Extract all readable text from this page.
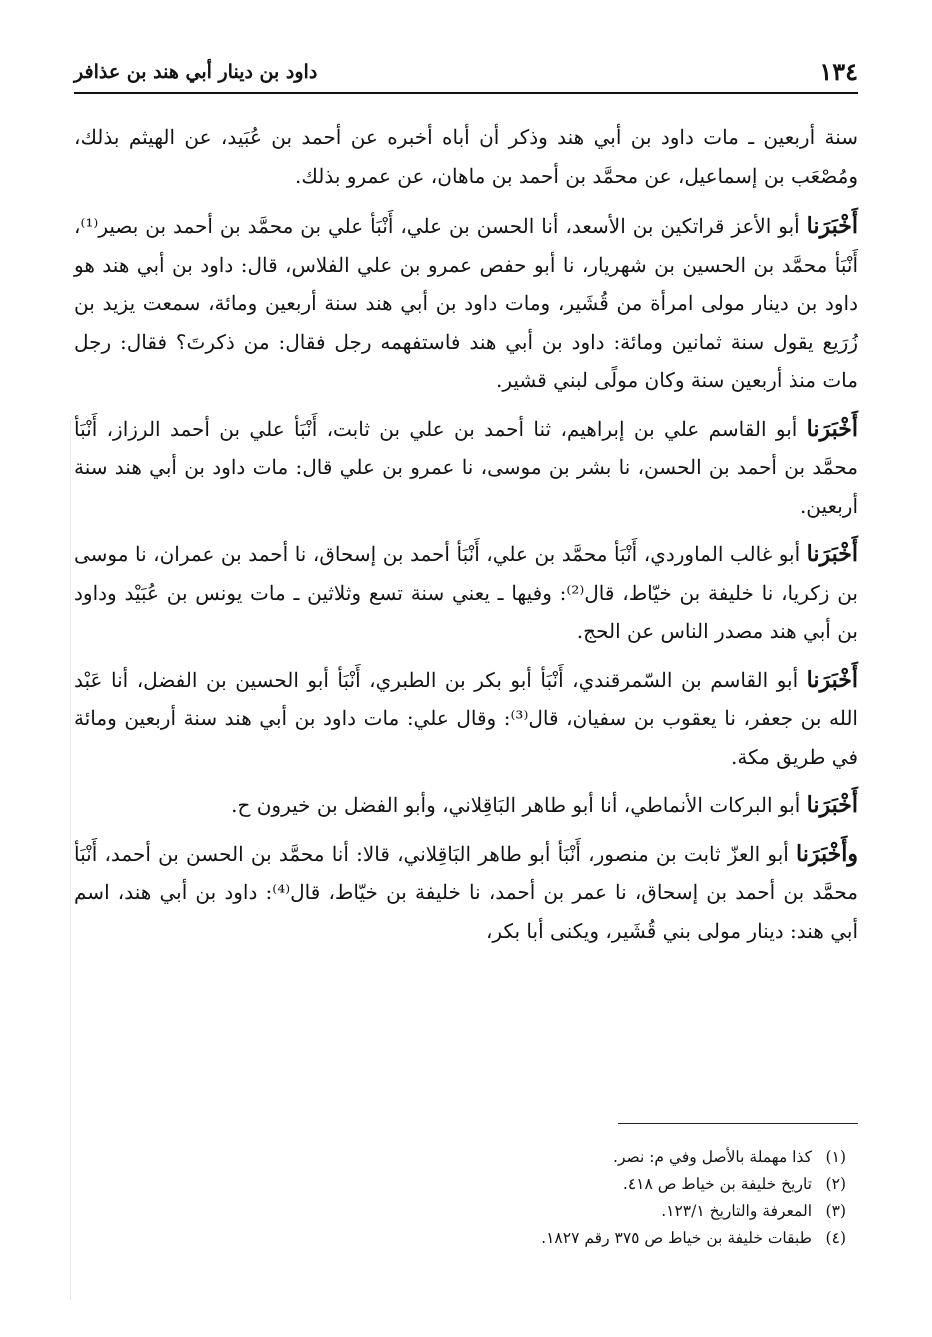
١٣٤
داود بن دينار أبي هند بن عذافر

سنة أربعين ـ مات داود بن أبي هند وذكر أن أباه أخبره عن أحمد بن عُبَيد، عن الهيثم بذلك، ومُصْعَب بن إسماعيل، عن محمَّد بن أحمد بن ماهان، عن عمرو بذلك.

أَخْبَرَنا أبو الأعز قراتكين بن الأسعد، أنا الحسن بن علي، أَنْبَأ علي بن محمَّد بن أحمد بن بصير⁽¹⁾، أَنْبَأ محمَّد بن الحسين بن شهريار، نا أبو حفص عمرو بن علي الفلاس، قال: داود بن أبي هند هو داود بن دينار مولى امرأة من قُشَير، ومات داود بن أبي هند سنة أربعين ومائة، سمعت يزيد بن زُرَيع يقول سنة ثمانين ومائة: داود بن أبي هند فاستفهمه رجل فقال: من ذكرتَ؟ فقال: رجل مات منذ أربعين سنة وكان مولًى لبني قشير.

أَخْبَرَنا أبو القاسم علي بن إبراهيم، ثنا أحمد بن علي بن ثابت، أَنْبَأ علي بن أحمد الرزاز، أَنْبَأ محمَّد بن أحمد بن الحسن، نا بشر بن موسى، نا عمرو بن علي قال: مات داود بن أبي هند سنة أربعين.

أَخْبَرَنا أبو غالب الماوردي، أَنْبَأ محمَّد بن علي، أَنْبَأ أحمد بن إسحاق، نا أحمد بن عمران، نا موسى بن زكريا، نا خليفة بن خيّاط، قال⁽²⁾: وفيها ـ يعني سنة تسع وثلاثين ـ مات يونس بن عُبَيْد وداود بن أبي هند مصدر الناس عن الحج.

أَخْبَرَنا أبو القاسم بن السّمرقندي، أَنْبَأ أبو بكر بن الطبري، أَنْبَأ أبو الحسين بن الفضل، أنا عَبْد الله بن جعفر، نا يعقوب بن سفيان، قال⁽³⁾: وقال علي: مات داود بن أبي هند سنة أربعين ومائة في طريق مكة.

أَخْبَرَنا أبو البركات الأنماطي، أنا أبو طاهر البَاقِلاني، وأبو الفضل بن خيرون ح.

وأَخْبَرَنا أبو العزّ ثابت بن منصور، أَنْبَأ أبو طاهر البَاقِلاني، قالا: أنا محمَّد بن الحسن بن أحمد، أَنْبَأ محمَّد بن أحمد بن إسحاق، نا عمر بن أحمد، نا خليفة بن خيّاط، قال⁽⁴⁾: داود بن أبي هند، اسم أبي هند: دينار مولى بني قُشَير، ويكنى أبا بكر،

(١)
كذا مهملة بالأصل وفي م: نصر.
(٢)
تاريخ خليفة بن خياط ص ٤١٨.
(٣)
المعرفة والتاريخ ١٢٣/١.
(٤)
طبقات خليفة بن خياط ص ٣٧٥ رقم ١٨٢٧.
